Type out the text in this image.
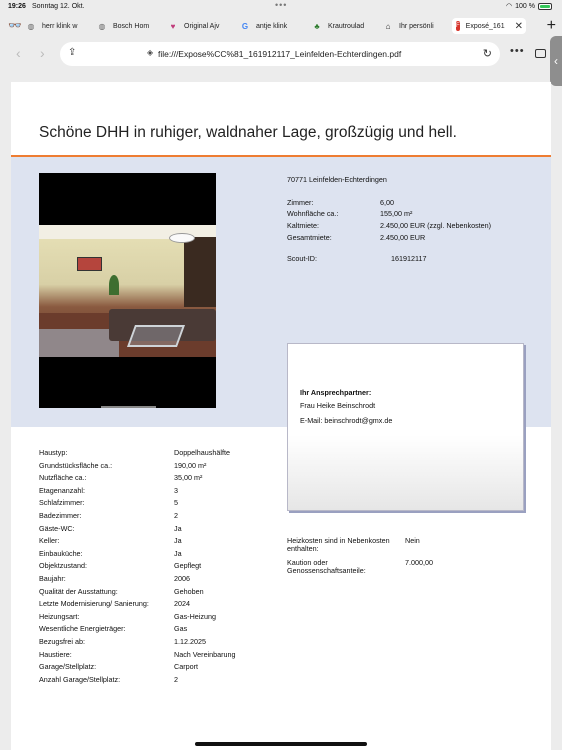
19:26 Sonntag 12. Okt.	•••	◠ 100 %
👓 ◍ herr klink w	◍ Bosch Hom	♥	Original Ajv	G antje klink	♣	Krautroulad	⌂	Ihr persönli	F Exposé_161 ✕ +
‹ › ⇪	◈ file:///Expose%CC%81_161912117_Leinfelden-Echterdingen.pdf	↻ •••
‹
Schöne DHH in ruhiger, waldnaher Lage, großzügig und hell.
70771 Leinfelden-Echterdingen
Zimmer:	6,00
Wohnfläche ca.:	155,00 m²
Kaltmiete:	2.450,00 EUR (zzgl. Nebenkosten)
Gesamtmiete:	2.450,00 EUR
Scout-ID:	161912117
Ihr Ansprechpartner:
Frau Heike Beinschrodt
E-Mail: beinschrodt@gmx.de
Haustyp:	Doppelhaushälfte
Grundstücksfläche ca.:	190,00 m²
Nutzfläche ca.:	35,00 m²
Etagenanzahl:	3
Schlafzimmer:	5
Badezimmer:	2
Gäste-WC:	Ja
Keller:	Ja
Einbauküche:	Ja
Objektzustand:	Gepflegt
Baujahr:	2006
Qualität der Ausstattung:	Gehoben
Letzte Modernisierung/ Sanierung:	2024
Heizungsart:	Gas-Heizung
Wesentliche Energieträger:	Gas
Bezugsfrei ab:	1.12.2025
Haustiere:	Nach Vereinbarung
Garage/Stellplatz:	Carport
Anzahl Garage/Stellplatz:	2
Heizkosten sind in Nebenkosten
enthalten:
Nein
Kaution oder
Genossenschaftsanteile:
7.000,00
